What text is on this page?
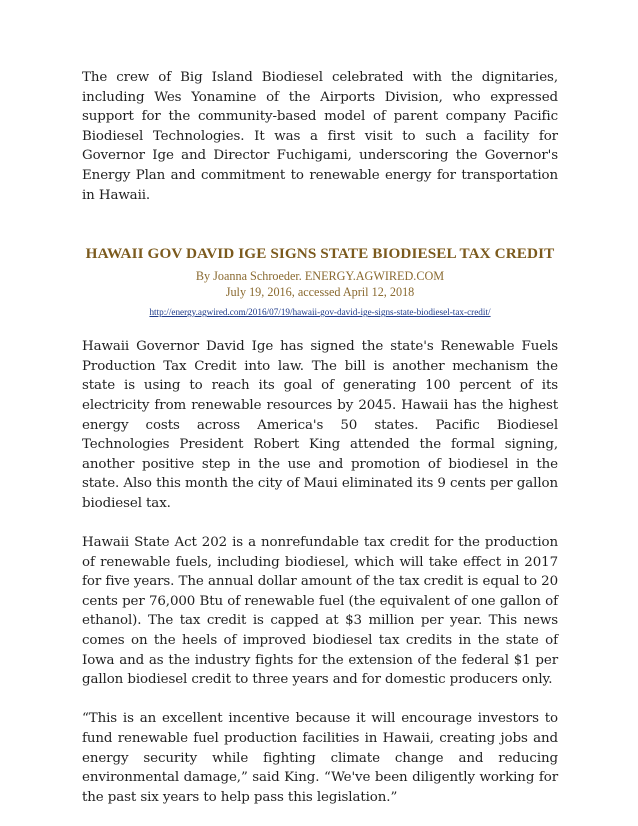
The crew of Big Island Biodiesel celebrated with the dignitaries, including Wes Yonamine of the Airports Division, who expressed support for the community-based model of parent company Pacific Biodiesel Technologies. It was a first visit to such a facility for Governor Ige and Director Fuchigami, underscoring the Governor's Energy Plan and commitment to renewable energy for transportation in Hawaii.

HAWAII GOV DAVID IGE SIGNS STATE BIODIESEL TAX CREDIT

By Joanna Schroeder. ENERGY.AGWIRED.COM

July 19, 2016, accessed April 12, 2018

http://energy.agwired.com/2016/07/19/hawaii-gov-david-ige-signs-state-biodiesel-tax-credit/

Hawaii Governor David Ige has signed the state's Renewable Fuels Production Tax Credit into law. The bill is another mechanism the state is using to reach its goal of generating 100 percent of its electricity from renewable resources by 2045. Hawaii has the highest energy costs across America's 50 states. Pacific Biodiesel Technologies President Robert King attended the formal signing, another positive step in the use and promotion of biodiesel in the state. Also this month the city of Maui eliminated its 9 cents per gallon biodiesel tax.

Hawaii State Act 202 is a nonrefundable tax credit for the production of renewable fuels, including biodiesel, which will take effect in 2017 for five years. The annual dollar amount of the tax credit is equal to 20 cents per 76,000 Btu of renewable fuel (the equivalent of one gallon of ethanol). The tax credit is capped at $3 million per year. This news comes on the heels of improved biodiesel tax credits in the state of Iowa and as the industry fights for the extension of the federal $1 per gallon biodiesel credit to three years and for domestic producers only.

“This is an excellent incentive because it will encourage investors to fund renewable fuel production facilities in Hawaii, creating jobs and energy security while fighting climate change and reducing environmental damage,” said King. “We've been diligently working for the past six years to help pass this legislation.”
